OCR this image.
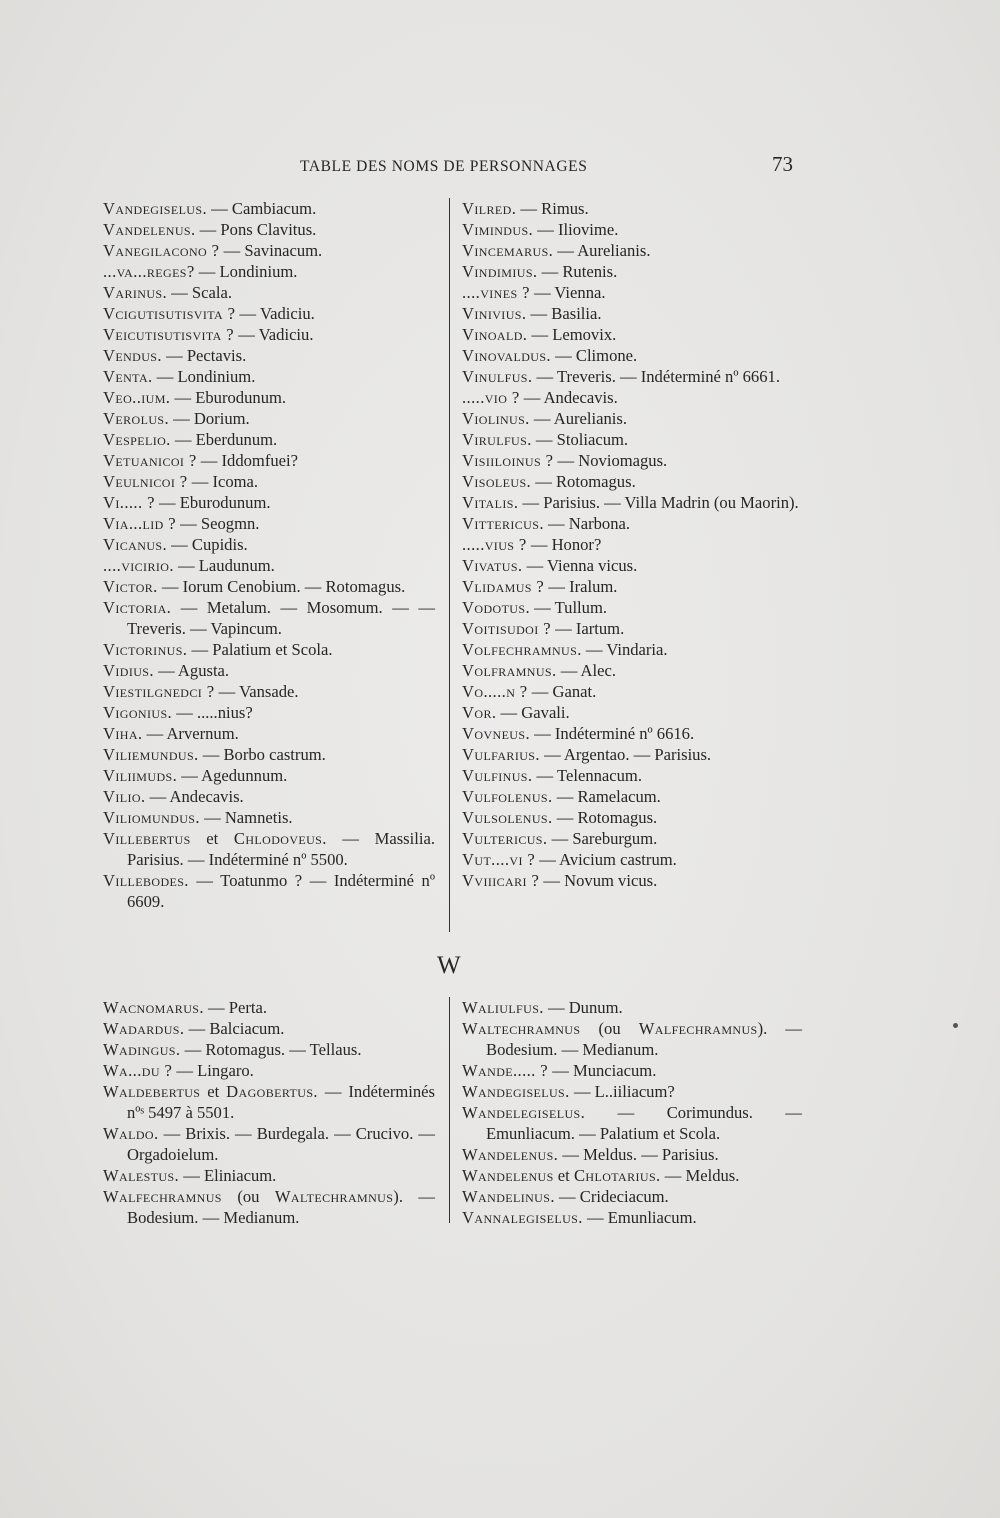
TABLE DES NOMS DE PERSONNAGES	73
Vandegiselus. — Cambiacum.
Vandelenus. — Pons Clavitus.
Vanegilacono ? — Savinacum.
...va...reges? — Londinium.
Varinus. — Scala.
Vcigutisutisvita ? — Vadiciu.
Veicutisutisvita ? — Vadiciu.
Vendus. — Pectavis.
Venta. — Londinium.
Veo..ium. — Eburodunum.
Verolus. — Dorium.
Vespelio. — Eberdunum.
Vetuanicoi ? — Iddomfuei?
Veulnicoi ? — Icoma.
Vi..... ? — Eburodunum.
Via...lid ? — Seogmn.
Vicanus. — Cupidis.
....vicirio. — Laudunum.
Victor. — Iorum Cenobium. — Rotomagus.
Victoria. — Metalum. — Mosomum. — — Treveris. — Vapincum.
Victorinus. — Palatium et Scola.
Vidius. — Agusta.
Viestilgnedci ? — Vansade.
Vigonius. — .....nius?
Viha. — Arvernum.
Viliemundus. — Borbo castrum.
Viliimuds. — Agedunnum.
Vilio. — Andecavis.
Viliomundus. — Namnetis.
Villebertus et Chlodoveus. — Massilia. Parisius. — Indéterminé nº 5500.
Villebodes. — Toatunmo ? — Indéterminé nº 6609.
Vilred. — Rimus.
Vimindus. — Iliovime.
Vincemarus. — Aurelianis.
Vindimius. — Rutenis.
....vines ? — Vienna.
Vinivius. — Basilia.
Vinoald. — Lemovix.
Vinovaldus. — Climone.
Vinulfus. — Treveris. — Indéterminé nº 6661.
.....vio ? — Andecavis.
Violinus. — Aurelianis.
Virulfus. — Stoliacum.
Visiiloinus ? — Noviomagus.
Visoleus. — Rotomagus.
Vitalis. — Parisius. — Villa Madrin (ou Maorin).
Vittericus. — Narbona.
.....vius ? — Honor?
Vivatus. — Vienna vicus.
Vlidamus ? — Iralum.
Vodotus. — Tullum.
Voitisudoi ? — Iartum.
Volfechramnus. — Vindaria.
Volframnus. — Alec.
Vo.....n ? — Ganat.
Vor. — Gavali.
Vovneus. — Indéterminé nº 6616.
Vulfarius. — Argentao. — Parisius.
Vulfinus. — Telennacum.
Vulfolenus. — Ramelacum.
Vulsolenus. — Rotomagus.
Vultericus. — Sareburgum.
Vut....vi ? — Avicium castrum.
Vviiicari ? — Novum vicus.
W
Wacnomarus. — Perta.
Wadardus. — Balciacum.
Wadingus. — Rotomagus. — Tellaus.
Wa...du ? — Lingaro.
Waldebertus et Dagobertus. — Indéterminés nºˢ 5497 à 5501.
Waldo. — Brixis. — Burdegala. — Crucivo. — Orgadoielum.
Walestus. — Eliniacum.
Walfechramnus (ou Waltechramnus). — Bodesium. — Medianum.
Waliulfus. — Dunum.
Waltechramnus (ou Walfechramnus). — Bodesium. — Medianum.
Wande..... ? — Munciacum.
Wandegiselus. — L..iiliacum?
Wandelegiselus. — Corimundus. — Emunliacum. — Palatium et Scola.
Wandelenus. — Meldus. — Parisius.
Wandelenus et Chlotarius. — Meldus.
Wandelinus. — Crideciacum.
Vannalegiselus. — Emunliacum.
